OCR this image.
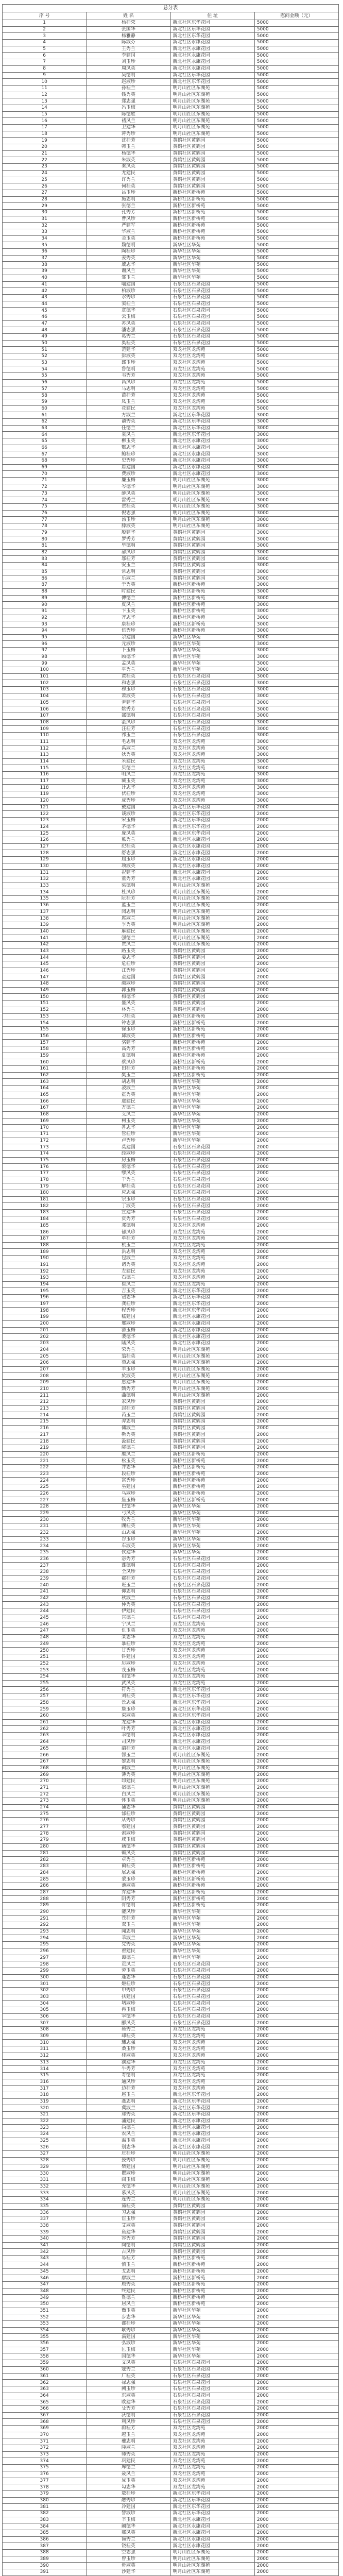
总分表			
序 号	姓 名	住 址	慰问金额（元）
1	杨桂荣	新北社区东华花园	5000
2	张国华	新北社区东华花园	5000
3	杨雅静	新北社区东华花园	5000
4	陈淑芬	新北社区永康花园	5000
5	王秀兰	新北社区永康花园	5000
6	李建国	新北社区永康花园	5000
7	刘玉珍	新北社区永康花园	5000
8	周凤英	新北社区永康花园	5000
9	吴德明	新北社区东华花园	5000
10	赵淑珍	新北社区东华花园	5000
11	孙桂兰	明月山社区东湖苑	5000
12	钱秀英	明月山社区东湖苑	5000
13	郑志强	明月山社区东湖苑	5000
14	冯玉梅	明月山社区东湖苑	5000
15	陈德胜	明月山社区东湖苑	5000
16	褚凤兰	明月山社区东湖苑	5000
17	卫建华	明月山社区东湖苑	5000
18	蒋秀珍	明月山社区东湖苑	5000
19	沈桂芳	黄鹤社区黄鹤园	5000
20	韩玉兰	黄鹤社区黄鹤园	5000
21	杨德华	黄鹤社区黄鹤园	5000
22	朱淑英	黄鹤社区黄鹤园	5000
23	秦凤英	黄鹤社区黄鹤园	5000
24	尤建民	黄鹤社区黄鹤园	5000
25	许秀兰	黄鹤社区黄鹤园	5000
26	何桂英	黄鹤社区黄鹤园	5000
27	吕玉珍	新桥社区新桥苑	5000
28	施志明	新桥社区新桥苑	5000
29	张德兰	新桥社区新桥苑	5000
30	孔秀芳	新桥社区新桥苑	5000
31	曹凤珍	新桥社区新桥苑	5000
32	严建军	新桥社区新桥苑	5000
33	华淑兰	新桥社区新桥苑	5000
34	金玉英	新桥社区新桥苑	5000
35	魏德明	新华社区华苑	5000
36	陶桂珍	新华社区华苑	5000
37	姜秀英	新华社区华苑	5000
38	戚志华	新华社区华苑	5000
39	谢凤兰	新华社区华苑	5000
40	邹玉兰	新华社区华苑	5000
41	喻建国	石泉社区石泉花园	5000
42	柏淑珍	石泉社区石泉花园	5000
43	水秀珍	石泉社区石泉花园	5000
44	窦桂兰	石泉社区石泉花园	5000
45	章德华	石泉社区石泉花园	5000
46	云玉梅	石泉社区石泉花园	5000
47	苏凤英	石泉社区石泉花园	5000
48	潘志强	石泉社区石泉花园	5000
49	葛秀兰	石泉社区石泉花园	5000
50	奚桂英	石泉社区石泉花园	5000
51	范建华	双龙社区龙湾苑	5000
52	彭淑英	双龙社区龙湾苑	5000
53	郎玉珍	双龙社区龙湾苑	5000
54	鲁德明	双龙社区龙湾苑	5000
55	韦秀芳	双龙社区龙湾苑	5000
56	昌凤珍	双龙社区龙湾苑	5000
57	马志明	双龙社区龙湾苑	5000
58	苗桂芳	双龙社区龙湾苑	5000
59	凤玉兰	双龙社区龙湾苑	5000
60	花建民	双龙社区龙湾苑	5000
61	方淑兰	新北社区东华花园	3000
62	俞秀英	新北社区东华花园	3000
63	任德兰	新北社区东华花园	3000
64	袁凤兰	新北社区东华花园	3000
65	柳玉英	新北社区永康花园	3000
66	酆志华	新北社区永康花园	3000
67	鲍桂珍	新北社区永康花园	3000
68	史秀珍	新北社区永康花园	3000
69	唐建国	新北社区永康花园	3000
70	费淑珍	新北社区永康花园	3000
71	廉玉梅	明月山社区东湖苑	3000
72	岑德华	明月山社区东湖苑	3000
73	薛凤英	明月山社区东湖苑	3000
74	雷秀兰	明月山社区东湖苑	3000
75	贺桂英	明月山社区东湖苑	3000
76	倪志强	明月山社区东湖苑	3000
77	汤玉珍	明月山社区东湖苑	3000
78	滕淑英	明月山社区东湖苑	3000
79	殷建华	黄鹤社区黄鹤园	3000
80	罗秀芳	黄鹤社区黄鹤园	3000
81	毕德明	黄鹤社区黄鹤园	3000
82	郝凤珍	黄鹤社区黄鹤园	3000
83	邬桂芳	黄鹤社区黄鹤园	3000
84	安玉兰	黄鹤社区黄鹤园	3000
85	常志明	黄鹤社区黄鹤园	3000
86	乐淑兰	黄鹤社区黄鹤园	3000
87	于秀英	新桥社区新桥苑	3000
88	时建民	新桥社区新桥苑	3000
89	傅德兰	新桥社区新桥苑	3000
90	皮凤兰	新桥社区新桥苑	3000
91	卞玉英	新桥社区新桥苑	3000
92	齐志华	新桥社区新桥苑	3000
93	康桂珍	新桥社区新桥苑	3000
94	伍秀珍	新桥社区新桥苑	3000
95	余建国	新华社区华苑	3000
96	元淑珍	新华社区华苑	3000
97	卜玉梅	新华社区华苑	3000
98	顾德华	新华社区华苑	3000
99	孟凤英	新华社区华苑	3000
100	平秀兰	新华社区华苑	3000
101	黄桂英	石泉社区石泉花园	3000
102	和志强	石泉社区石泉花园	3000
103	穆玉珍	石泉社区石泉花园	3000
104	萧淑英	石泉社区石泉花园	3000
105	尹建华	石泉社区石泉花园	3000
106	姚秀芳	石泉社区石泉花园	3000
107	邵德明	石泉社区石泉花园	3000
108	湛凤珍	石泉社区石泉花园	3000
109	汪桂芳	石泉社区石泉花园	3000
110	祁玉兰	石泉社区石泉花园	3000
111	毛志明	双龙社区龙湾苑	3000
112	禹淑兰	双龙社区龙湾苑	3000
113	狄秀英	双龙社区龙湾苑	3000
114	米建民	双龙社区龙湾苑	3000
115	贝德兰	双龙社区龙湾苑	3000
116	明凤兰	双龙社区龙湾苑	3000
117	臧玉英	双龙社区龙湾苑	3000
118	计志华	双龙社区龙湾苑	3000
119	伏桂珍	双龙社区龙湾苑	3000
120	成秀珍	双龙社区龙湾苑	3000
121	戴建国	新北社区东华花园	2000
122	谈淑珍	新北社区东华花园	2000
123	宋玉梅	新北社区东华花园	2000
124	茅德华	新北社区东华花园	2000
125	庞凤英	新北社区东华花园	2000
126	熊秀兰	新北社区永康花园	2000
127	纪桂英	新北社区永康花园	2000
128	舒志强	新北社区永康花园	2000
129	屈玉珍	新北社区永康花园	2000
130	项淑英	新北社区永康花园	2000
131	祝建华	新北社区永康花园	2000
132	董秀芳	新北社区永康花园	2000
133	梁德明	明月山社区东湖苑	2000
134	杜凤珍	明月山社区东湖苑	2000
135	阮桂芳	明月山社区东湖苑	2000
136	蓝玉兰	明月山社区东湖苑	2000
137	闵志明	明月山社区东湖苑	2000
138	席淑兰	明月山社区东湖苑	2000
139	季秀英	明月山社区东湖苑	2000
140	麻建民	明月山社区东湖苑	2000
141	强德兰	明月山社区东湖苑	2000
142	贾凤兰	明月山社区东湖苑	2000
143	路玉英	黄鹤社区黄鹤园	2000
144	娄志华	黄鹤社区黄鹤园	2000
145	危桂珍	黄鹤社区黄鹤园	2000
146	江秀珍	黄鹤社区黄鹤园	2000
147	童建国	黄鹤社区黄鹤园	2000
148	颜淑珍	黄鹤社区黄鹤园	2000
149	郭玉梅	黄鹤社区黄鹤园	2000
150	梅德华	黄鹤社区黄鹤园	2000
151	盛凤英	黄鹤社区黄鹤园	2000
152	林秀兰	黄鹤社区黄鹤园	2000
153	刁桂英	新桥社区新桥苑	2000
154	钟志强	新桥社区新桥苑	2000
155	徐玉珍	新桥社区新桥苑	2000
156	邱淑英	新桥社区新桥苑	2000
157	骆建华	新桥社区新桥苑	2000
158	高秀芳	新桥社区新桥苑	2000
159	夏德明	新桥社区新桥苑	2000
160	蔡凤珍	新桥社区新桥苑	2000
161	田桂芳	新桥社区新桥苑	2000
162	樊玉兰	新桥社区新桥苑	2000
163	胡志明	新华社区华苑	2000
164	凌淑兰	新华社区华苑	2000
165	霍秀英	新华社区华苑	2000
166	虞建民	新华社区华苑	2000
167	万德兰	新华社区华苑	2000
168	支凤兰	新华社区华苑	2000
169	柯玉英	新华社区华苑	2000
170	昝志华	新华社区华苑	2000
171	管桂珍	新华社区华苑	2000
172	卢秀珍	新华社区华苑	2000
173	莫建国	石泉社区石泉花园	2000
174	经淑珍	石泉社区石泉花园	2000
175	房玉梅	石泉社区石泉花园	2000
176	裘德华	石泉社区石泉花园	2000
177	缪凤英	石泉社区石泉花园	2000
178	干秀兰	石泉社区石泉花园	2000
179	解桂英	石泉社区石泉花园	2000
180	应志强	石泉社区石泉花园	2000
181	宗玉珍	石泉社区石泉花园	2000
182	丁淑英	石泉社区石泉花园	2000
183	宣建华	石泉社区石泉花园	2000
184	贲秀芳	石泉社区石泉花园	2000
185	邓德明	双龙社区龙湾苑	2000
186	郁凤珍	双龙社区龙湾苑	2000
187	单桂芳	双龙社区龙湾苑	2000
188	杭玉兰	双龙社区龙湾苑	2000
189	洪志明	双龙社区龙湾苑	2000
190	包淑兰	双龙社区龙湾苑	2000
191	诸秀英	双龙社区龙湾苑	2000
192	左建民	双龙社区龙湾苑	2000
193	石德兰	双龙社区龙湾苑	2000
194	崔凤兰	双龙社区龙湾苑	2000
195	吉玉英	新北社区东华花园	2000
196	钮志华	新北社区东华花园	2000
197	龚桂珍	新北社区东华花园	2000
198	程秀珍	新北社区东华花园	2000
199	嵇建国	新北社区永康花园	2000
200	邢淑珍	新北社区永康花园	2000
201	滑玉梅	新北社区永康花园	2000
202	裴德华	新北社区永康花园	2000
203	陆凤英	新北社区永康花园	2000
204	荣秀兰	明月山社区东湖苑	2000
205	翁桂英	明月山社区东湖苑	2000
206	荀志强	明月山社区东湖苑	2000
207	羊玉珍	明月山社区东湖苑	2000
208	於淑英	明月山社区东湖苑	2000
209	惠建华	明月山社区东湖苑	2000
210	甄秀芳	明月山社区东湖苑	2000
211	曲德明	明月山社区东湖苑	2000
212	家凤珍	黄鹤社区黄鹤园	2000
213	封桂芳	黄鹤社区黄鹤园	2000
214	芮玉兰	黄鹤社区黄鹤园	2000
215	羿志明	黄鹤社区黄鹤园	2000
216	储淑兰	黄鹤社区黄鹤园	2000
217	靳秀英	黄鹤社区黄鹤园	2000
218	汲建民	黄鹤社区黄鹤园	2000
219	邴德兰	黄鹤社区黄鹤园	2000
220	糜凤兰	新桥社区新桥苑	2000
221	松玉英	新桥社区新桥苑	2000
222	井志华	新桥社区新桥苑	2000
223	段桂珍	新桥社区新桥苑	2000
224	富秀珍	新桥社区新桥苑	2000
225	巫建国	新桥社区新桥苑	2000
226	乌淑珍	新桥社区新桥苑	2000
227	焦玉梅	新桥社区新桥苑	2000
228	巴德华	新华社区华苑	2000
229	弓凤英	新华社区华苑	2000
230	牧秀兰	新华社区华苑	2000
231	隗桂英	新华社区华苑	2000
232	山志强	新华社区华苑	2000
233	谷玉珍	新华社区华苑	2000
234	车淑英	新华社区华苑	2000
235	侯建华	新华社区华苑	2000
236	宓秀芳	石泉社区石泉花园	2000
237	蓬德明	石泉社区石泉花园	2000
238	全凤珍	石泉社区石泉花园	2000
239	郗桂芳	石泉社区石泉花园	2000
240	班玉兰	石泉社区石泉花园	2000
241	仰志明	石泉社区石泉花园	2000
242	秋淑兰	石泉社区石泉花园	2000
243	仲秀英	石泉社区石泉花园	2000
244	伊建民	石泉社区石泉花园	2000
245	宫德兰	石泉社区石泉花园	2000
246	宁凤兰	双龙社区龙湾苑	2000
247	仇玉英	双龙社区龙湾苑	2000
248	栾志华	双龙社区龙湾苑	2000
249	暴桂珍	双龙社区龙湾苑	2000
250	甘秀珍	双龙社区龙湾苑	2000
251	钭建国	双龙社区龙湾苑	2000
252	厉淑珍	双龙社区龙湾苑	2000
253	戎玉梅	双龙社区龙湾苑	2000
254	祖德华	双龙社区龙湾苑	2000
255	武凤英	双龙社区龙湾苑	2000
256	符秀兰	新北社区东华花园	2000
257	刘桂英	新北社区东华花园	2000
258	景志强	新北社区东华花园	2000
259	詹玉珍	新北社区东华花园	2000
260	束淑英	新北社区东华花园	2000
261	龙建华	新北社区永康花园	2000
262	叶秀芳	新北社区永康花园	2000
263	幸德明	新北社区永康花园	2000
264	司凤珍	新北社区永康花园	2000
265	韶桂芳	新北社区永康花园	2000
266	郜玉兰	明月山社区东湖苑	2000
267	黎志明	明月山社区东湖苑	2000
268	蓟淑兰	明月山社区东湖苑	2000
269	薄秀英	明月山社区东湖苑	2000
270	印建民	明月山社区东湖苑	2000
271	宿德兰	明月山社区东湖苑	2000
272	白凤兰	明月山社区东湖苑	2000
273	怀玉英	明月山社区东湖苑	2000
274	蒲志华	黄鹤社区黄鹤园	2000
275	邰桂珍	黄鹤社区黄鹤园	2000
276	从秀珍	黄鹤社区黄鹤园	2000
277	鄂建国	黄鹤社区黄鹤园	2000
278	索淑珍	黄鹤社区黄鹤园	2000
279	咸玉梅	黄鹤社区黄鹤园	2000
280	籍德华	黄鹤社区黄鹤园	2000
281	赖凤英	黄鹤社区黄鹤园	2000
282	卓秀兰	新桥社区新桥苑	2000
283	蔺桂英	新桥社区新桥苑	2000
284	屠志强	新桥社区新桥苑	2000
285	蒙玉珍	新桥社区新桥苑	2000
286	池淑英	新桥社区新桥苑	2000
287	乔建华	新桥社区新桥苑	2000
288	阴秀芳	新桥社区新桥苑	2000
289	胥德明	新桥社区新桥苑	2000
290	能凤珍	新华社区华苑	2000
291	苍桂芳	新华社区华苑	2000
292	双玉兰	新华社区华苑	2000
293	闻志明	新华社区华苑	2000
294	莘淑兰	新华社区华苑	2000
295	党秀英	新华社区华苑	2000
296	翟建民	新华社区华苑	2000
297	谭德兰	新华社区华苑	2000
298	贡凤兰	石泉社区石泉花园	2000
299	劳玉英	石泉社区石泉花园	2000
300	逄志华	石泉社区石泉花园	2000
301	姬桂珍	石泉社区石泉花园	2000
302	申秀珍	石泉社区石泉花园	2000
303	扶建国	石泉社区石泉花园	2000
304	堵淑珍	石泉社区石泉花园	2000
305	冉玉梅	石泉社区石泉花园	2000
306	宰德华	石泉社区石泉花园	2000
307	郦凤英	石泉社区石泉花园	2000
308	雍秀兰	双龙社区龙湾苑	2000
309	却桂英	双龙社区龙湾苑	2000
310	璩志强	双龙社区龙湾苑	2000
311	桑玉珍	双龙社区龙湾苑	2000
312	桂淑英	双龙社区龙湾苑	2000
313	濮建华	双龙社区龙湾苑	2000
314	牛秀芳	双龙社区龙湾苑	2000
315	寿德明	双龙社区龙湾苑	2000
316	通凤珍	双龙社区龙湾苑	2000
317	边桂芳	双龙社区龙湾苑	2000
318	扈玉兰	新北社区东华花园	2000
319	燕志明	新北社区东华花园	2000
320	冀淑兰	新北社区东华花园	2000
321	郏秀英	新北社区东华花园	2000
322	浦建民	新北社区永康花园	2000
323	尚德兰	新北社区永康花园	2000
324	农凤兰	新北社区永康花园	2000
325	温玉英	新北社区永康花园	2000
326	别志华	新北社区永康花园	2000
327	庄桂珍	明月山社区东湖苑	2000
328	晏秀珍	明月山社区东湖苑	2000
329	柴建国	明月山社区东湖苑	2000
330	瞿淑珍	明月山社区东湖苑	2000
331	阎玉梅	明月山社区东湖苑	2000
332	充德华	明月山社区东湖苑	2000
333	慕凤英	明月山社区东湖苑	2000
334	连秀兰	明月山社区东湖苑	2000
335	茹桂英	黄鹤社区黄鹤园	2000
336	习志强	黄鹤社区黄鹤园	2000
337	宦玉珍	黄鹤社区黄鹤园	2000
338	艾淑英	黄鹤社区黄鹤园	2000
339	鱼建华	黄鹤社区黄鹤园	2000
340	容秀芳	黄鹤社区黄鹤园	2000
341	向德明	黄鹤社区黄鹤园	2000
342	古凤珍	黄鹤社区黄鹤园	2000
343	易桂芳	新桥社区新桥苑	2000
344	慎玉兰	新桥社区新桥苑	2000
345	戈志明	新桥社区新桥苑	2000
346	廖淑兰	新桥社区新桥苑	2000
347	庾秀英	新桥社区新桥苑	2000
348	终建民	新桥社区新桥苑	2000
349	暨德兰	新桥社区新桥苑	2000
350	居凤兰	新桥社区新桥苑	2000
351	衡玉英	新华社区华苑	2000
352	步志华	新华社区华苑	2000
353	都桂珍	新华社区华苑	2000
354	耿秀珍	新华社区华苑	2000
355	满建国	新华社区华苑	2000
356	弘淑珍	新华社区华苑	2000
357	匡玉梅	新华社区华苑	2000
358	国德华	新华社区华苑	2000
359	文凤英	石泉社区石泉花园	2000
360	寇秀兰	石泉社区石泉花园	2000
361	广桂英	石泉社区石泉花园	2000
362	禄志强	石泉社区石泉花园	2000
363	阙玉珍	石泉社区石泉花园	2000
364	东淑英	石泉社区石泉花园	2000
365	欧建华	石泉社区石泉花园	2000
366	殳秀芳	石泉社区石泉花园	2000
367	沃德明	石泉社区石泉花园	2000
368	利凤珍	石泉社区石泉花园	2000
369	蔚桂芳	双龙社区龙湾苑	2000
370	越玉兰	双龙社区龙湾苑	2000
371	夔志明	双龙社区龙湾苑	2000
372	隆淑兰	双龙社区龙湾苑	2000
373	师秀英	双龙社区龙湾苑	2000
374	巩建民	双龙社区龙湾苑	2000
375	厍德兰	双龙社区龙湾苑	2000
376	聂凤兰	双龙社区龙湾苑	2000
377	晁玉英	双龙社区龙湾苑	2000
378	勾志华	双龙社区龙湾苑	2000
379	敖桂珍	新北社区东华花园	2000
380	融秀珍	新北社区东华花园	2000
381	冷建国	新北社区东华花园	2000
382	訾淑珍	新北社区东华花园	2000
383	辛玉梅	新北社区永康花园	2000
384	阚德华	新北社区永康花园	2000
385	那凤英	新北社区永康花园	2000
386	简秀兰	新北社区永康花园	2000
387	饶桂英	新北社区永康花园	2000
388	空志强	明月山社区东湖苑	2000
389	曾玉珍	明月山社区东湖苑	2000
390	毋淑英	明月山社区东湖苑	2000
391	沙建华	明月山社区东湖苑	2000
